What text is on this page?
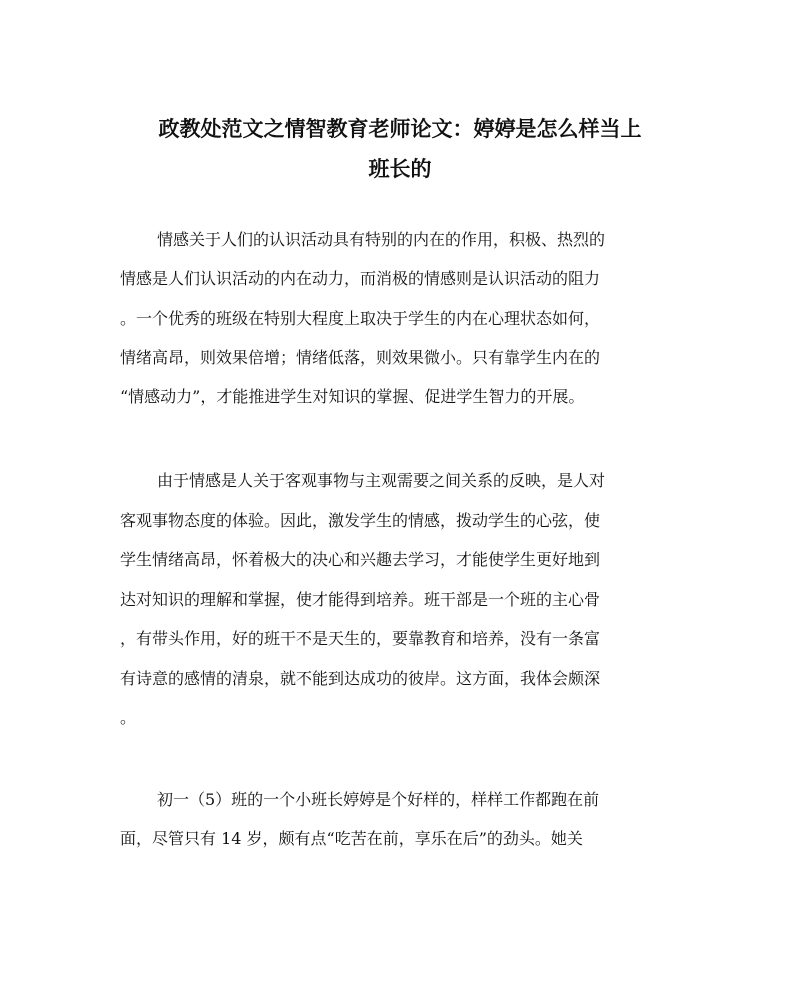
政教处范文之情智教育老师论文：婷婷是怎么样当上
班长的
情感关于人们的认识活动具有特别的内在的作用，积极、热烈的
情感是人们认识活动的内在动力，而消极的情感则是认识活动的阻力
。一个优秀的班级在特别大程度上取决于学生的内在心理状态如何，
情绪高昂，则效果倍增；情绪低落，则效果微小。只有靠学生内在的
“情感动力”，才能推进学生对知识的掌握、促进学生智力的开展。
由于情感是人关于客观事物与主观需要之间关系的反映，是人对
客观事物态度的体验。因此，激发学生的情感，拨动学生的心弦，使
学生情绪高昂，怀着极大的决心和兴趣去学习，才能使学生更好地到
达对知识的理解和掌握，使才能得到培养。班干部是一个班的主心骨
，有带头作用，好的班干不是天生的，要靠教育和培养，没有一条富
有诗意的感情的清泉，就不能到达成功的彼岸。这方面，我体会颇深
。
初一（5）班的一个小班长婷婷是个好样的，样样工作都跑在前
面，尽管只有 14 岁，颇有点“吃苦在前，享乐在后”的劲头。她关
